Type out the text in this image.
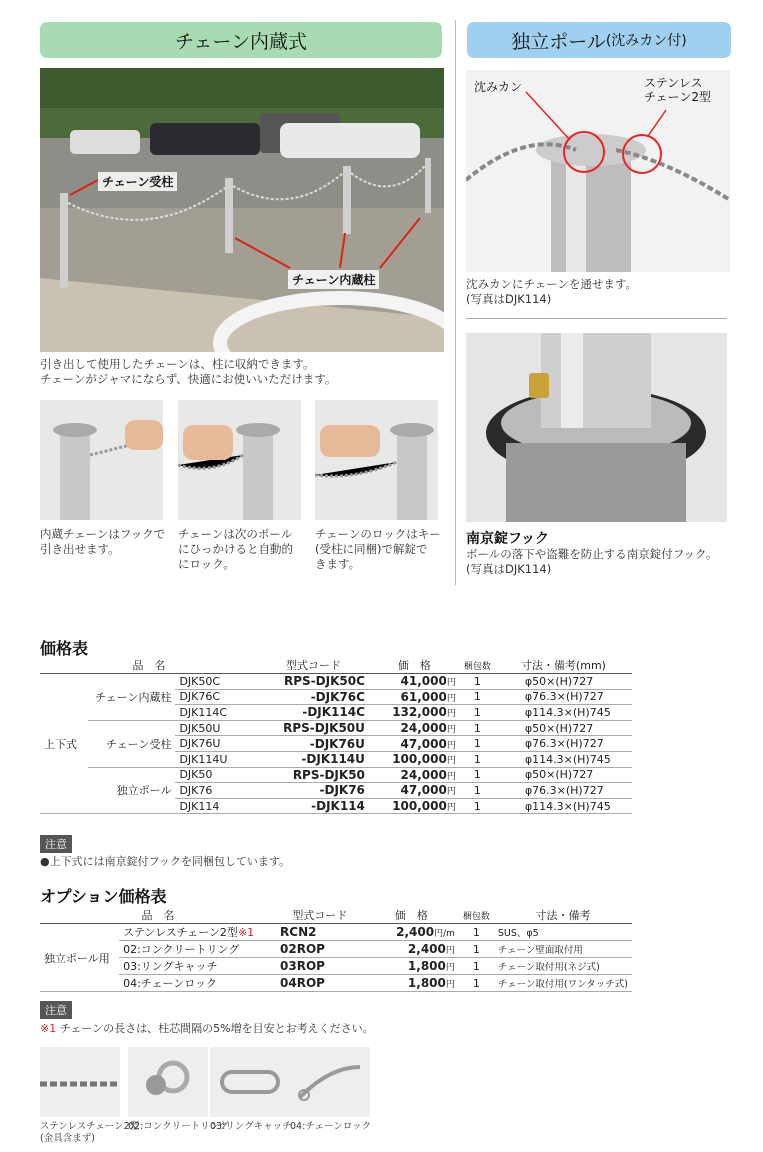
チェーン内蔵式	独立ポール (沈みカン付)
チェーン受柱
チェーン内蔵柱
引き出して使用したチェーンは、柱に収納できます。
チェーンがジャマにならず、快適にお使いいただけます。
内蔵チェーンはフックで
引き出せます。
チェーンは次のポール
にひっかけると自動的
にロック。
チェーンのロックはキー
(受柱に同梱)で解錠で
きます。
沈みカン	ステンレス
チェーン2型
沈みカンにチェーンを通せます。
(写真はDJK114)
南京錠フック
ボールの落下や盗難を防止する南京錠付フック。
(写真はDJK114)
価格表
品　名			型式コード	価　格	梱包数	寸法・備考(mm)
上下式	チェーン内蔵柱	DJK50C	RPS-DJK50C	41,000円	1	φ50×(H)727
		DJK76C	-DJK76C	61,000円	1	φ76.3×(H)727
		DJK114C	-DJK114C	132,000円	1	φ114.3×(H)745
	チェーン受柱	DJK50U	RPS-DJK50U	24,000円	1	φ50×(H)727
		DJK76U	-DJK76U	47,000円	1	φ76.3×(H)727
		DJK114U	-DJK114U	100,000円	1	φ114.3×(H)745
	独立ポール	DJK50	RPS-DJK50	24,000円	1	φ50×(H)727
		DJK76	-DJK76	47,000円	1	φ76.3×(H)727
		DJK114	-DJK114	100,000円	1	φ114.3×(H)745
注意
●上下式には南京錠付フックを同梱包しています。
オプション価格表
品　名		型式コード	価　格	梱包数	寸法・備考
独立ポール用	ステンレスチェーン2型※1	RCN2	2,400円/m	1	SUS、φ5
	02:コンクリートリング	02ROP	2,400円	1	チェーン壁面取付用
	03:リングキャッチ	03ROP	1,800円	1	チェーン取付用(ネジ式)
	04:チェーンロック	04ROP	1,800円	1	チェーン取付用(ワンタッチ式)
注意
※1 チェーンの長さは、柱芯間隔の5%増を目安とお考えください。
ステンレスチェーン2型
(金具含まず)
02:コンクリートリング
03:リングキャッチ
04:チェーンロック
